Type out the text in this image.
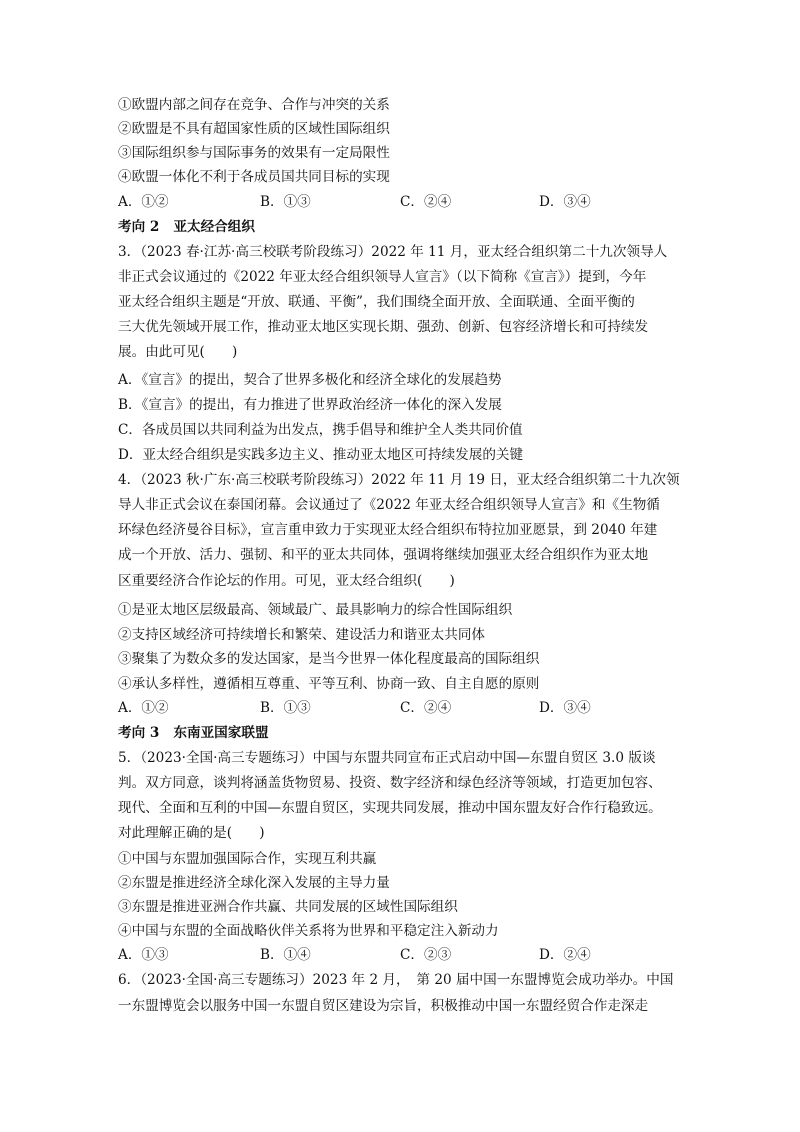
①欧盟内部之间存在竞争、合作与冲突的关系
②欧盟是不具有超国家性质的区域性国际组织
③国际组织参与国际事务的效果有一定局限性
④欧盟一体化不利于各成员国共同目标的实现
A．①②	B．①③	C．②④	D．③④
考向 2 亚太经合组织
3．（2023 春·江苏·高三校联考阶段练习）2022 年 11 月，亚太经合组织第二十九次领导人
非正式会议通过的《2022 年亚太经合组织领导人宣言》（以下简称《宣言》）提到，今年
亚太经合组织主题是“开放、联通、平衡”，我们围绕全面开放、全面联通、全面平衡的
三大优先领域开展工作，推动亚太地区实现长期、强劲、创新、包容经济增长和可持续发
展。由此可见(　　)
A．《宣言》的提出，契合了世界多极化和经济全球化的发展趋势
B．《宣言》的提出，有力推进了世界政治经济一体化的深入发展
C．各成员国以共同利益为出发点，携手倡导和维护全人类共同价值
D．亚太经合组织是实践多边主义、推动亚太地区可持续发展的关键
4．（2023 秋·广东·高三校联考阶段练习）2022 年 11 月 19 日，亚太经合组织第二十九次领
导人非正式会议在泰国闭幕。会议通过了《2022 年亚太经合组织领导人宣言》和《生物循
环绿色经济曼谷目标》，宣言重申致力于实现亚太经合组织布特拉加亚愿景，到 2040 年建
成一个开放、活力、强韧、和平的亚太共同体，强调将继续加强亚太经合组织作为亚太地
区重要经济合作论坛的作用。可见，亚太经合组织(　　)
①是亚太地区层级最高、领域最广、最具影响力的综合性国际组织
②支持区域经济可持续增长和繁荣、建设活力和谐亚太共同体
③聚集了为数众多的发达国家，是当今世界一体化程度最高的国际组织
④承认多样性，遵循相互尊重、平等互利、协商一致、自主自愿的原则
A．①②	B．①③	C．②④	D．③④
考向 3 东南亚国家联盟
5．（2023·全国·高三专题练习）中国与东盟共同宣布正式启动中国—东盟自贸区 3.0 版谈
判。双方同意，谈判将涵盖货物贸易、投资、数字经济和绿色经济等领域，打造更加包容、
现代、全面和互利的中国—东盟自贸区，实现共同发展，推动中国东盟友好合作行稳致远。
对此理解正确的是(　　)
①中国与东盟加强国际合作，实现互利共赢
②东盟是推进经济全球化深入发展的主导力量
③东盟是推进亚洲合作共赢、共同发展的区域性国际组织
④中国与东盟的全面战略伙伴关系将为世界和平稳定注入新动力
A．①③	B．①④	C．②③	D．②④
6．（2023·全国·高三专题练习）2023 年 2 月，　第 20 届中国一东盟博览会成功举办。中国
一东盟博览会以服务中国一东盟自贸区建设为宗旨，积极推动中国一东盟经贸合作走深走
